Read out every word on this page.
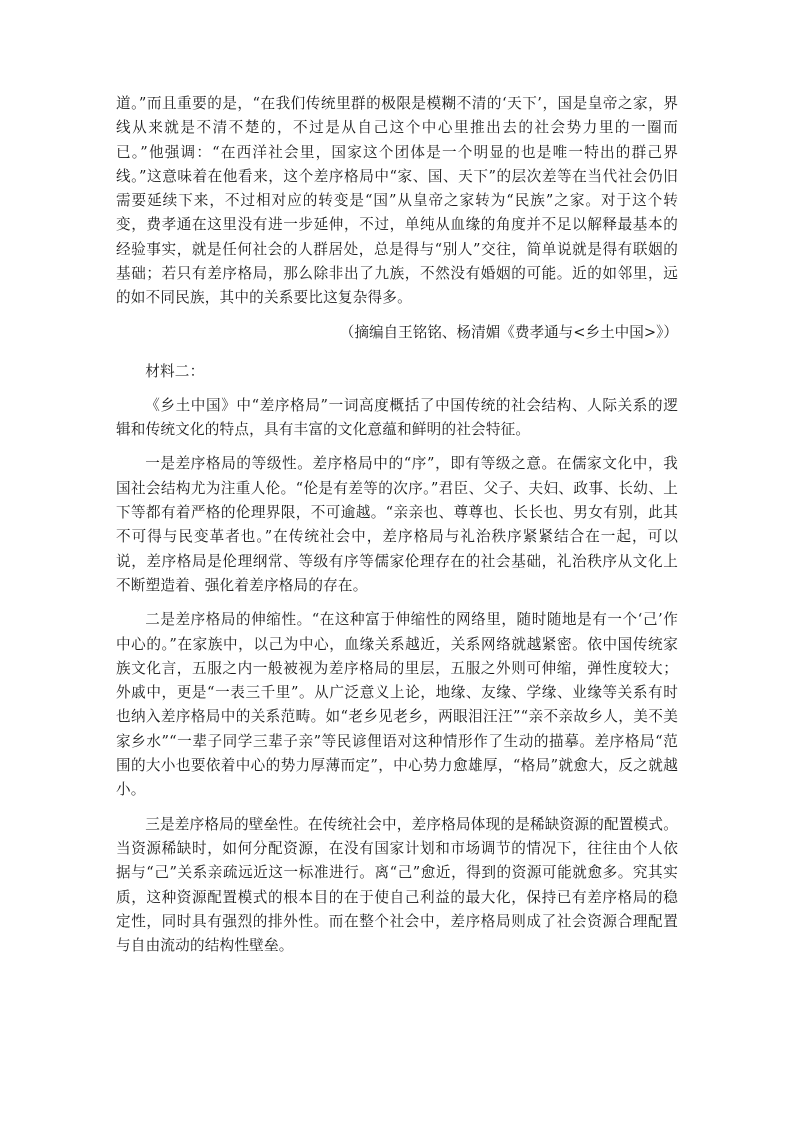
道。”而且重要的是，“在我们传统里群的极限是模糊不清的‘天下’，国是皇帝之家，界线从来就是不清不楚的，不过是从自己这个中心里推出去的社会势力里的一圈而已。”他强调：“在西洋社会里，国家这个团体是一个明显的也是唯一特出的群己界线。”这意味着在他看来，这个差序格局中“家、国、天下”的层次差等在当代社会仍旧需要延续下来，不过相对应的转变是“国”从皇帝之家转为“民族”之家。对于这个转变，费孝通在这里没有进一步延伸，不过，单纯从血缘的角度并不足以解释最基本的经验事实，就是任何社会的人群居处，总是得与“别人”交往，简单说就是得有联姻的基础；若只有差序格局，那么除非出了九族，不然没有婚姻的可能。近的如邻里，远的如不同民族，其中的关系要比这复杂得多。

（摘编自王铭铭、杨清媚《费孝通与<乡土中国>》）

材料二：

《乡土中国》中“差序格局”一词高度概括了中国传统的社会结构、人际关系的逻辑和传统文化的特点，具有丰富的文化意蕴和鲜明的社会特征。

一是差序格局的等级性。差序格局中的“序”，即有等级之意。在儒家文化中，我国社会结构尤为注重人伦。“伦是有差等的次序。”君臣、父子、夫妇、政事、长幼、上下等都有着严格的伦理界限，不可逾越。“亲亲也、尊尊也、长长也、男女有别，此其不可得与民变革者也。”在传统社会中，差序格局与礼治秩序紧紧结合在一起，可以说，差序格局是伦理纲常、等级有序等儒家伦理存在的社会基础，礼治秩序从文化上不断塑造着、强化着差序格局的存在。

二是差序格局的伸缩性。“在这种富于伸缩性的网络里，随时随地是有一个‘己’作中心的。”在家族中，以己为中心，血缘关系越近，关系网络就越紧密。依中国传统家族文化言，五服之内一般被视为差序格局的里层，五服之外则可伸缩，弹性度较大；外戚中，更是“一表三千里”。从广泛意义上论，地缘、友缘、学缘、业缘等关系有时也纳入差序格局中的关系范畴。如“老乡见老乡，两眼泪汪汪”“亲不亲故乡人，美不美家乡水”“一辈子同学三辈子亲”等民谚俚语对这种情形作了生动的描摹。差序格局“范围的大小也要依着中心的势力厚薄而定”，中心势力愈雄厚，“格局”就愈大，反之就越小。

三是差序格局的壁垒性。在传统社会中，差序格局体现的是稀缺资源的配置模式。当资源稀缺时，如何分配资源，在没有国家计划和市场调节的情况下，往往由个人依据与“己”关系亲疏远近这一标准进行。离“己”愈近，得到的资源可能就愈多。究其实质，这种资源配置模式的根本目的在于使自己利益的最大化，保持已有差序格局的稳定性，同时具有强烈的排外性。而在整个社会中，差序格局则成了社会资源合理配置与自由流动的结构性壁垒。
